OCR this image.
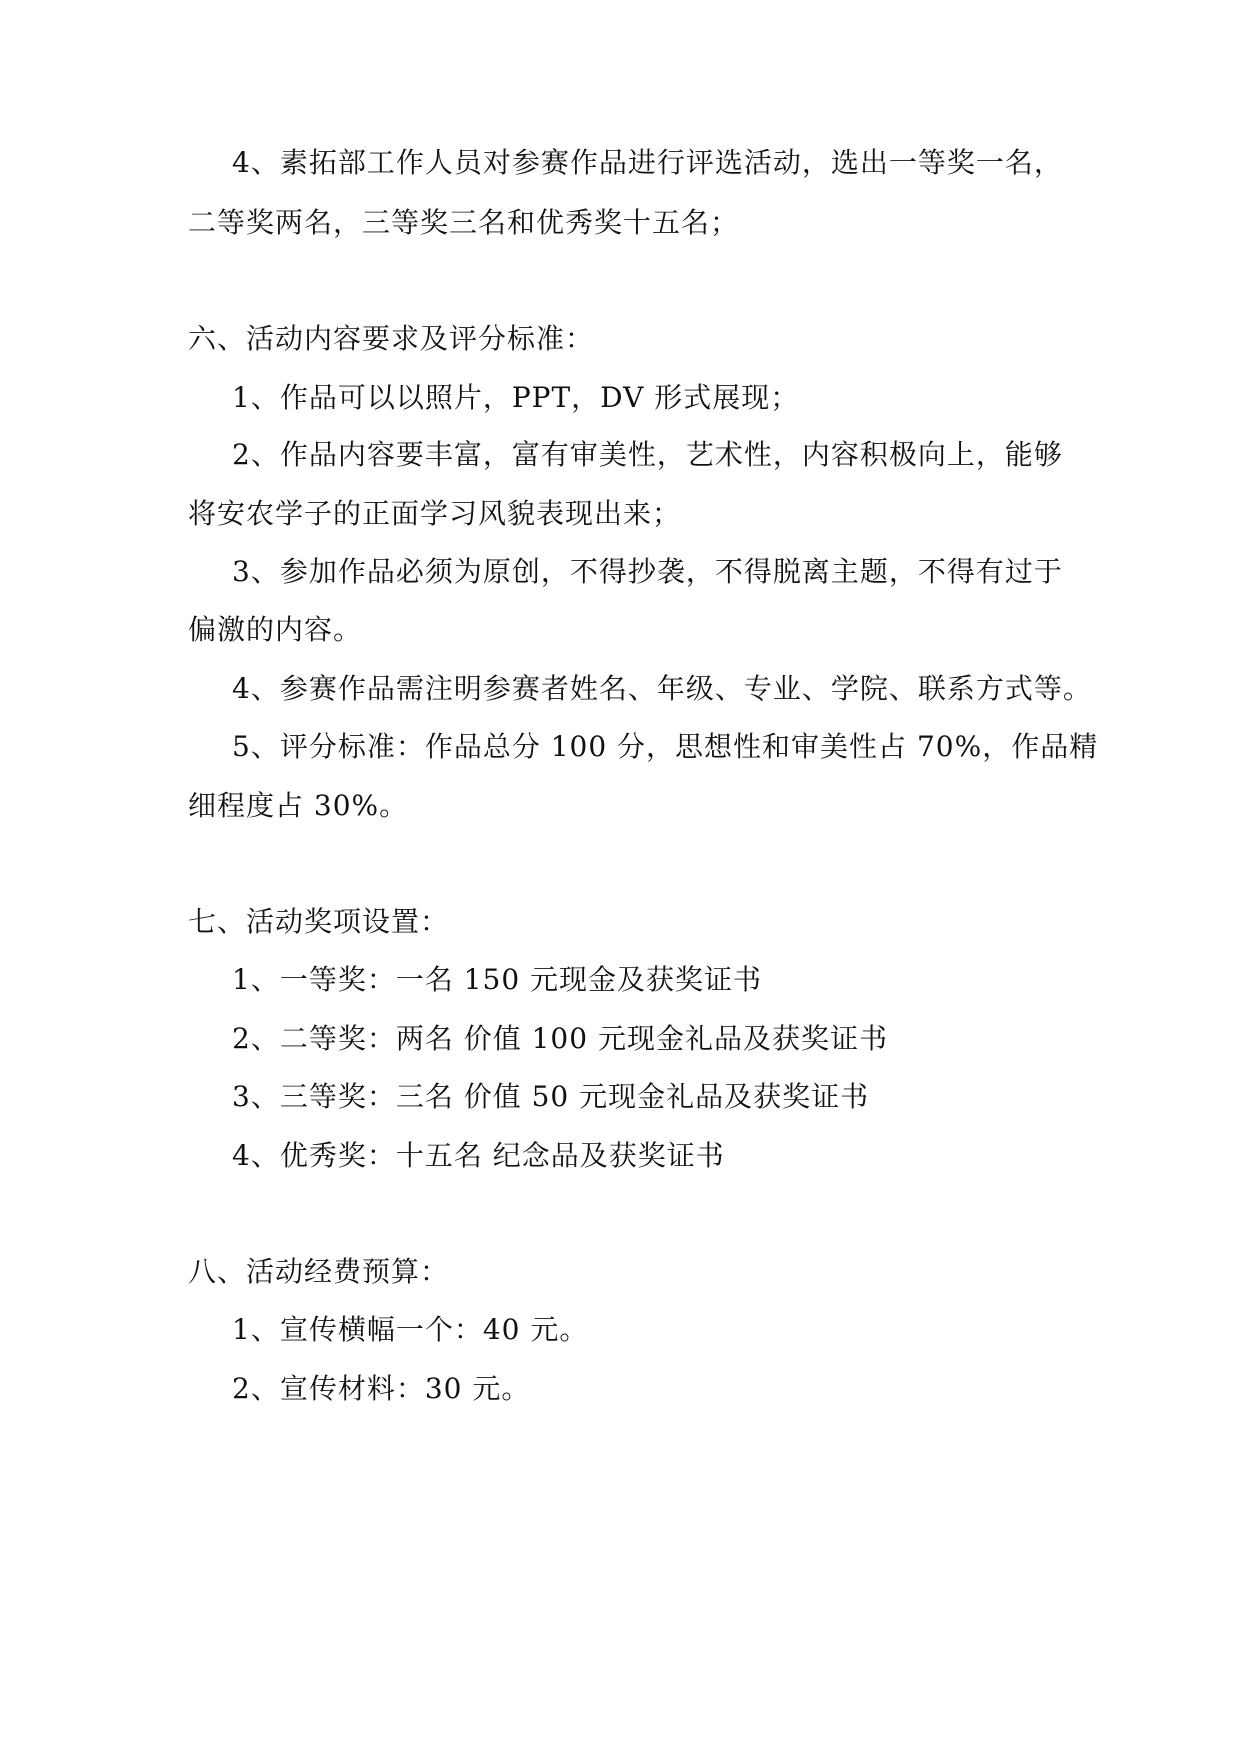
4、素拓部工作人员对参赛作品进行评选活动，选出一等奖一名，
二等奖两名，三等奖三名和优秀奖十五名；
六、活动内容要求及评分标准：
1、作品可以以照片，PPT，DV 形式展现；
2、作品内容要丰富，富有审美性，艺术性，内容积极向上，能够
将安农学子的正面学习风貌表现出来；
3、参加作品必须为原创，不得抄袭，不得脱离主题，不得有过于
偏激的内容。
4、参赛作品需注明参赛者姓名、年级、专业、学院、联系方式等。
5、评分标准：作品总分 100 分，思想性和审美性占 70%，作品精
细程度占 30%。
七、活动奖项设置：
1、一等奖：一名 150 元现金及获奖证书
2、二等奖：两名 价值 100 元现金礼品及获奖证书
3、三等奖：三名 价值 50 元现金礼品及获奖证书
4、优秀奖：十五名 纪念品及获奖证书
八、活动经费预算：
1、宣传横幅一个：40 元。
2、宣传材料：30 元。
